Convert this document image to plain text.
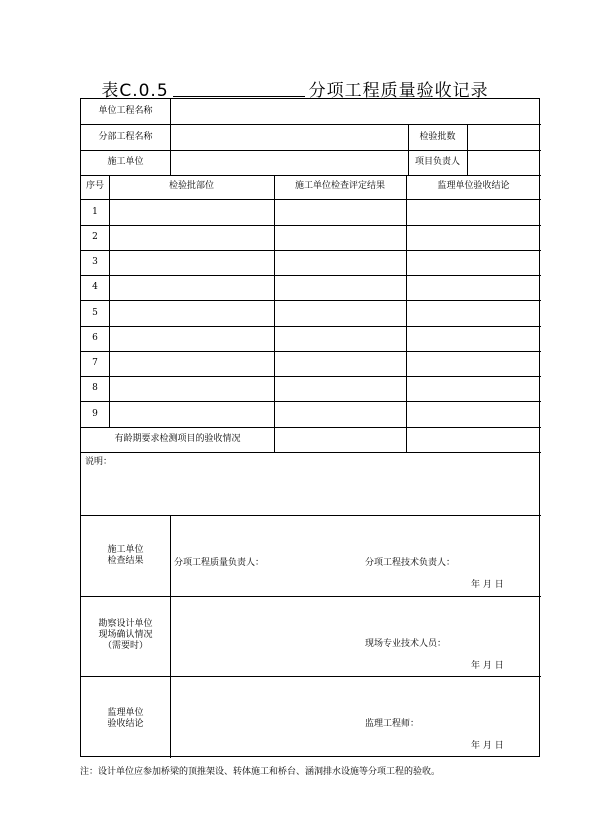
表C.0.5	分项工程质量验收记录
单位工程名称
分部工程名称	检验批数
施工单位	项目负责人
序号	检验批部位	施工单位检查评定结果	监理单位验收结论
1
2
3
4
5
6
7
8
9
有龄期要求检测项目的验收情况
说明：
施工单位
检查结果	分项工程质量负责人：	分项工程技术负责人：
年 月 日
勘察设计单位
现场确认情况
（需要时）	现场专业技术人员：
年 月 日
监理单位
验收结论	监理工程师：
年 月 日
注：设计单位应参加桥梁的顶推架设、转体施工和桥台、涵洞排水设施等分项工程的验收。
